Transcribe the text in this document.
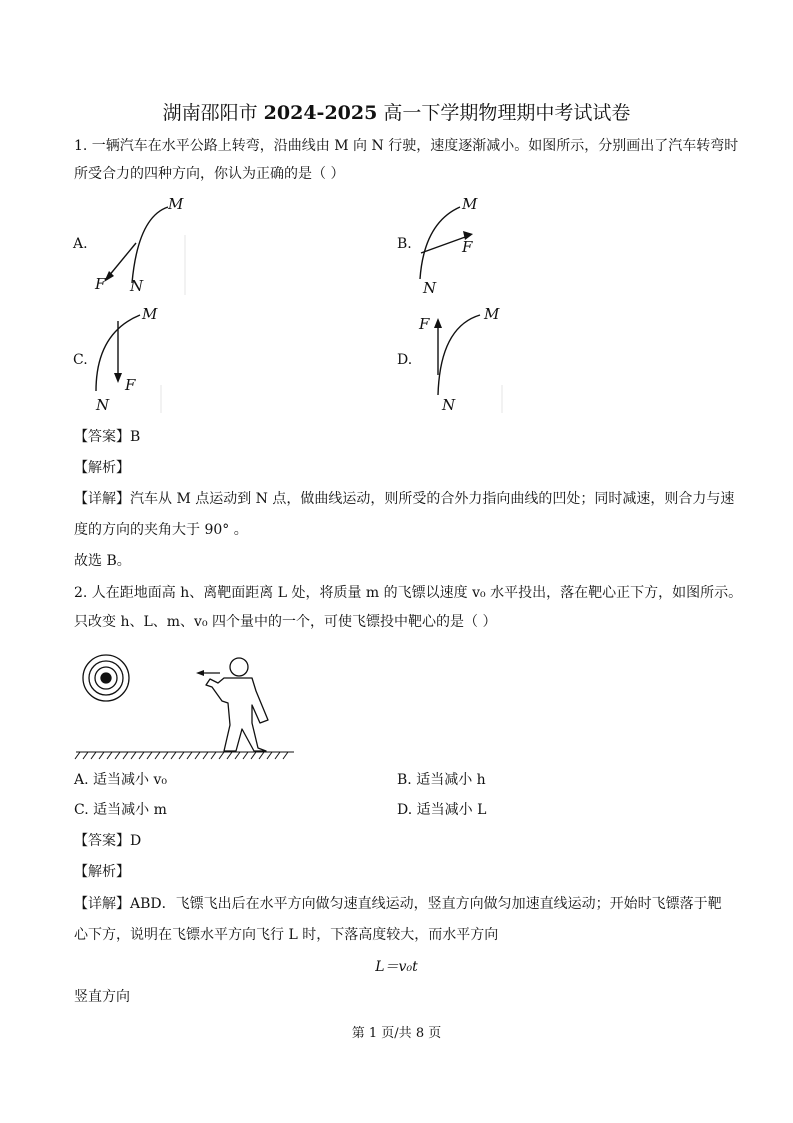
湖南邵阳市 2024-2025 高一下学期物理期中考试试卷
1. 一辆汽车在水平公路上转弯，沿曲线由 M 向 N 行驶，速度逐渐减小。如图所示，分别画出了汽车转弯时
所受合力的四种方向，你认为正确的是（ ）
A.
M
N
F
B.
M
N
F
C.
M
N
F
D.
M
N
F
【答案】B
【解析】
【详解】汽车从 M 点运动到 N 点，做曲线运动，则所受的合外力指向曲线的凹处；同时减速，则合力与速
度的方向的夹角大于 90° 。
故选 B。
2. 人在距地面高 h、离靶面距离 L 处，将质量 m 的飞镖以速度 v₀ 水平投出，落在靶心正下方，如图所示。
只改变 h、L、m、v₀ 四个量中的一个，可使飞镖投中靶心的是（ ）
A. 适当减小 v₀	B. 适当减小 h
C. 适当减小 m	D. 适当减小 L
【答案】D
【解析】
【详解】ABD．飞镖飞出后在水平方向做匀速直线运动，竖直方向做匀加速直线运动；开始时飞镖落于靶
心下方，说明在飞镖水平方向飞行 L 时，下落高度较大，而水平方向
L＝v₀t
竖直方向
第 1 页/共 8 页
